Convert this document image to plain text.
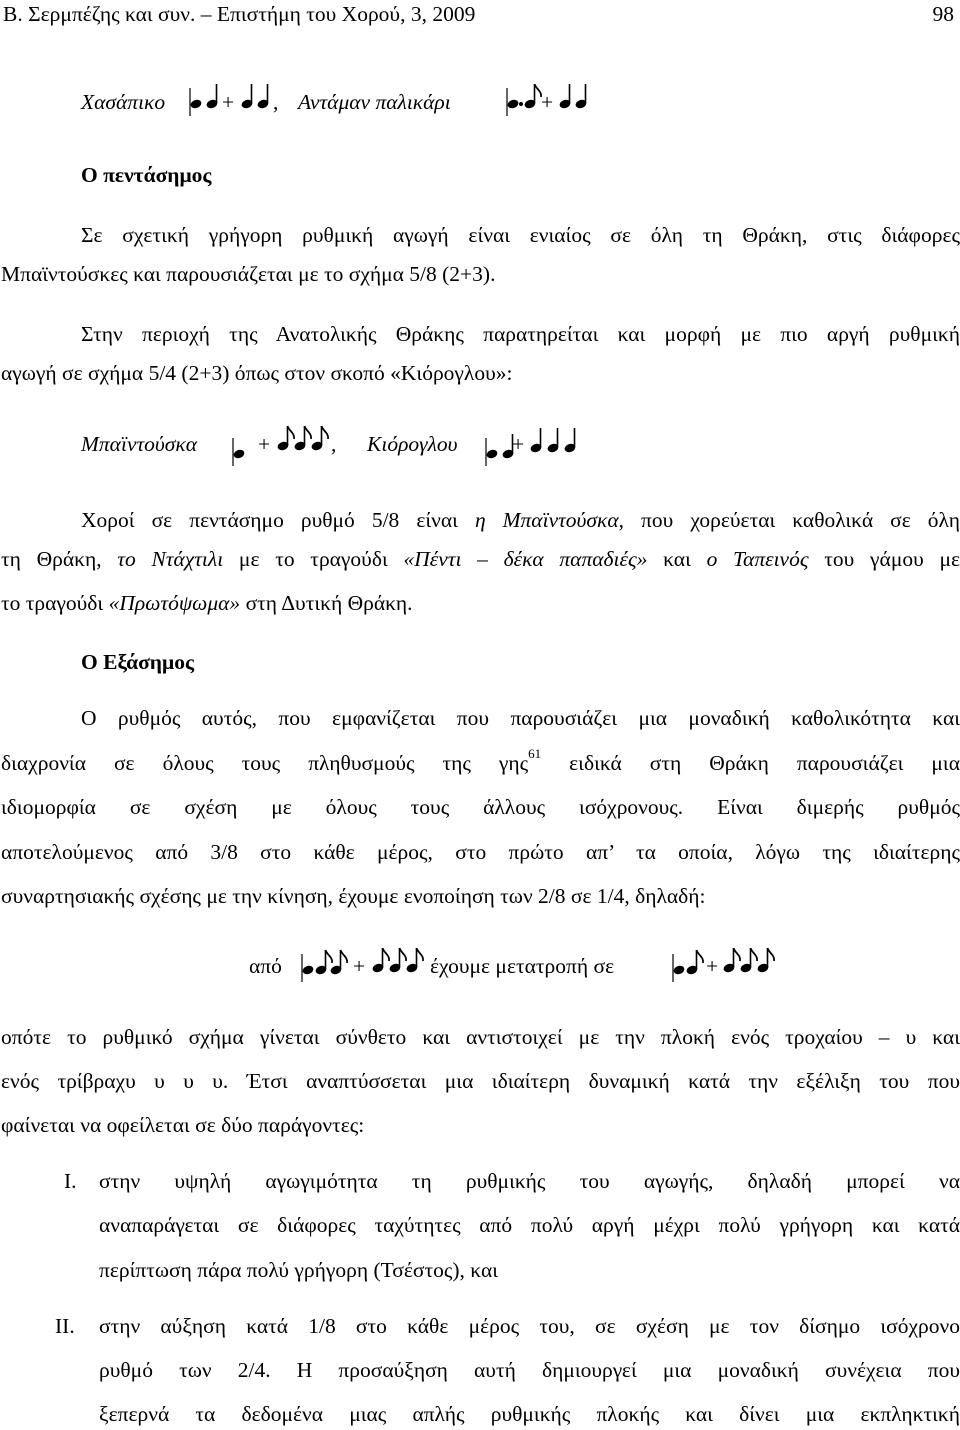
Β. Σερμπέζης και συν. – Επιστήμη του Χορού, 3, 2009	98
Χασάπικο	+ , Αντάμαν παλικάρι	+
Ο πεντάσημος
Σε σχετική γρήγορη ρυθμική αγωγή είναι ενιαίος σε όλη τη Θράκη, στις διάφορες
Μπαϊντούσκες και παρουσιάζεται με το σχήμα 5/8 (2+3).
Στην περιοχή της Ανατολικής Θράκης παρατηρείται και μορφή με πιο αργή ρυθμική
αγωγή σε σχήμα 5/4 (2+3) όπως στον σκοπό «Κιόρογλου»:
Μπαϊντούσκα	+	, Κιόρογλου	+
Χοροί σε πεντάσημο ρυθμό 5/8 είναι η Μπαϊντούσκα, που χορεύεται καθολικά σε όλη
τη Θράκη, το Ντάχτιλι με το τραγούδι «Πέντι – δέκα παπαδιές» και ο Ταπεινός του γάμου με
το τραγούδι «Πρωτόψωμα» στη Δυτική Θράκη.
Ο Εξάσημος
Ο ρυθμός αυτός, που εμφανίζεται που παρουσιάζει μια μοναδική καθολικότητα και
διαχρονία σε όλους τους πληθυσμούς της γης$^{61}$ ειδικά στη Θράκη παρουσιάζει μια
ιδιομορφία σε σχέση με όλους τους άλλους ισόχρονους. Είναι διμερής ρυθμός
αποτελούμενος από 3/8 στο κάθε μέρος, στο πρώτο απ’ τα οποία, λόγω της ιδιαίτερης
συναρτησιακής σχέσης με την κίνηση, έχουμε ενοποίηση των 2/8 σε 1/4, δηλαδή:
από	+	έχουμε μετατροπή σε	+
οπότε το ρυθμικό σχήμα γίνεται σύνθετο και αντιστοιχεί με την πλοκή ενός τροχαίου – υ και
ενός τρίβραχυ υ υ υ. Έτσι αναπτύσσεται μια ιδιαίτερη δυναμική κατά την εξέλιξη του που
φαίνεται να οφείλεται σε δύο παράγοντες:
I. στην υψηλή αγωγιμότητα τη ρυθμικής του αγωγής, δηλαδή μπορεί να
αναπαράγεται σε διάφορες ταχύτητες από πολύ αργή μέχρι πολύ γρήγορη και κατά
περίπτωση πάρα πολύ γρήγορη (Τσέστος), και
II. στην αύξηση κατά 1/8 στο κάθε μέρος του, σε σχέση με τον δίσημο ισόχρονο
ρυθμό των 2/4. Η προσαύξηση αυτή δημιουργεί μια μοναδική συνέχεια που
ξεπερνά τα δεδομένα μιας απλής ρυθμικής πλοκής και δίνει μια εκπληκτική
